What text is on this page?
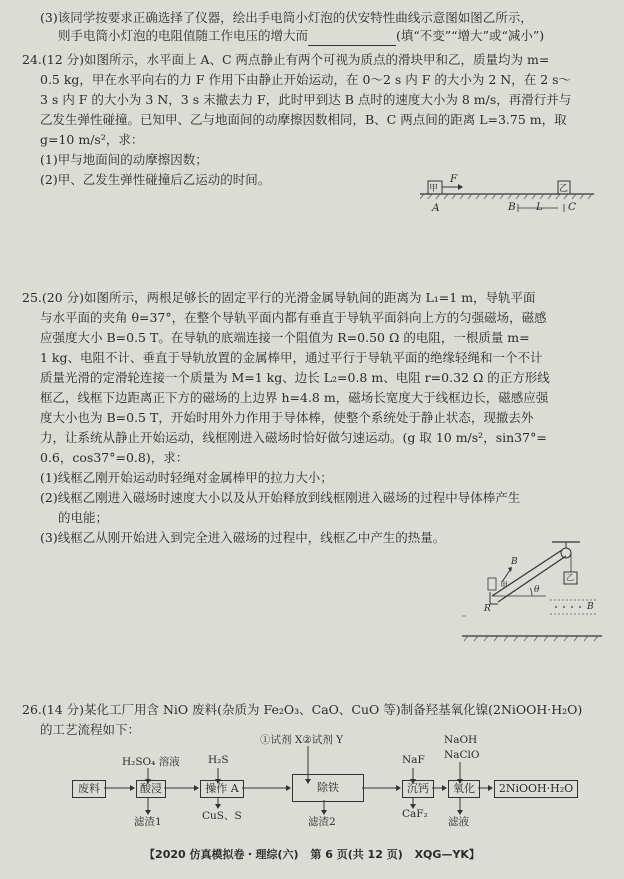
(3)该同学按要求正确选择了仪器，绘出手电筒小灯泡的伏安特性曲线示意图如图乙所示，
则手电筒小灯泡的电阻值随工作电压的增大而	(填“不变”“增大”或“减小”)
24.(12 分)如图所示，水平面上 A、C 两点静止有两个可视为质点的滑块甲和乙，质量均为 m=
0.5 kg，甲在水平向右的力 F 作用下由静止开始运动，在 0～2 s 内 F 的大小为 2 N，在 2 s～
3 s 内 F 的大小为 3 N，3 s 末撤去力 F，此时甲到达 B 点时的速度大小为 8 m/s，再滑行并与
乙发生弹性碰撞。已知甲、乙与地面间的动摩擦因数相同，B、C 两点间的距离 L=3.75 m，取
g=10 m/s²，求：
(1)甲与地面间的动摩擦因数；
(2)甲、乙发生弹性碰撞后乙运动的时间。
甲
F
乙
A	B L C
25.(20 分)如图所示，两根足够长的固定平行的光滑金属导轨间的距离为 L₁=1 m，导轨平面
与水平面的夹角 θ=37°，在整个导轨平面内都有垂直于导轨平面斜向上方的匀强磁场，磁感
应强度大小 B=0.5 T。在导轨的底端连接一个阻值为 R=0.50 Ω 的电阻，一根质量 m=
1 kg、电阻不计、垂直于导轨放置的金属棒甲，通过平行于导轨平面的绝缘轻绳和一个不计
质量光滑的定滑轮连接一个质量为 M=1 kg、边长 L₂=0.8 m、电阻 r=0.32 Ω 的正方形线
框乙，线框下边距离正下方的磁场的上边界 h=4.8 m，磁场长宽度大于线框边长，磁感应强
度大小也为 B=0.5 T，开始时用外力作用于导体棒，使整个系统处于静止状态，现撤去外
力，让系统从静止开始运动，线框刚进入磁场时恰好做匀速运动。(g 取 10 m/s²，sin37°=
0.6，cos37°=0.8)，求：
(1)线框乙刚开始运动时轻绳对金属棒甲的拉力大小；
(2)线框乙刚进入磁场时速度大小以及从开始释放到线框刚进入磁场的过程中导体棒产生
的电能；
(3)线框乙从刚开始进入到完全进入磁场的过程中，线框乙中产生的热量。
B
甲	θ
R
乙
B
26.(14 分)某化工厂用含 NiO 废料(杂质为 Fe₂O₃、CaO、CuO 等)制备羟基氧化镍(2NiOOH·H₂O)
的工艺流程如下：
废料	酸浸	操作 A	除铁	沉钙	氧化	2NiOOH·H₂O
H₂SO₄ 溶液	H₂S
①试剂 X②试剂 Y
NaF
NaOH
NaClO
滤渣1	CuS、S	滤渣2
CaF₂
滤液
【2020 仿真模拟卷・理综(六) 第 6 页(共 12 页) XQG—YK】
